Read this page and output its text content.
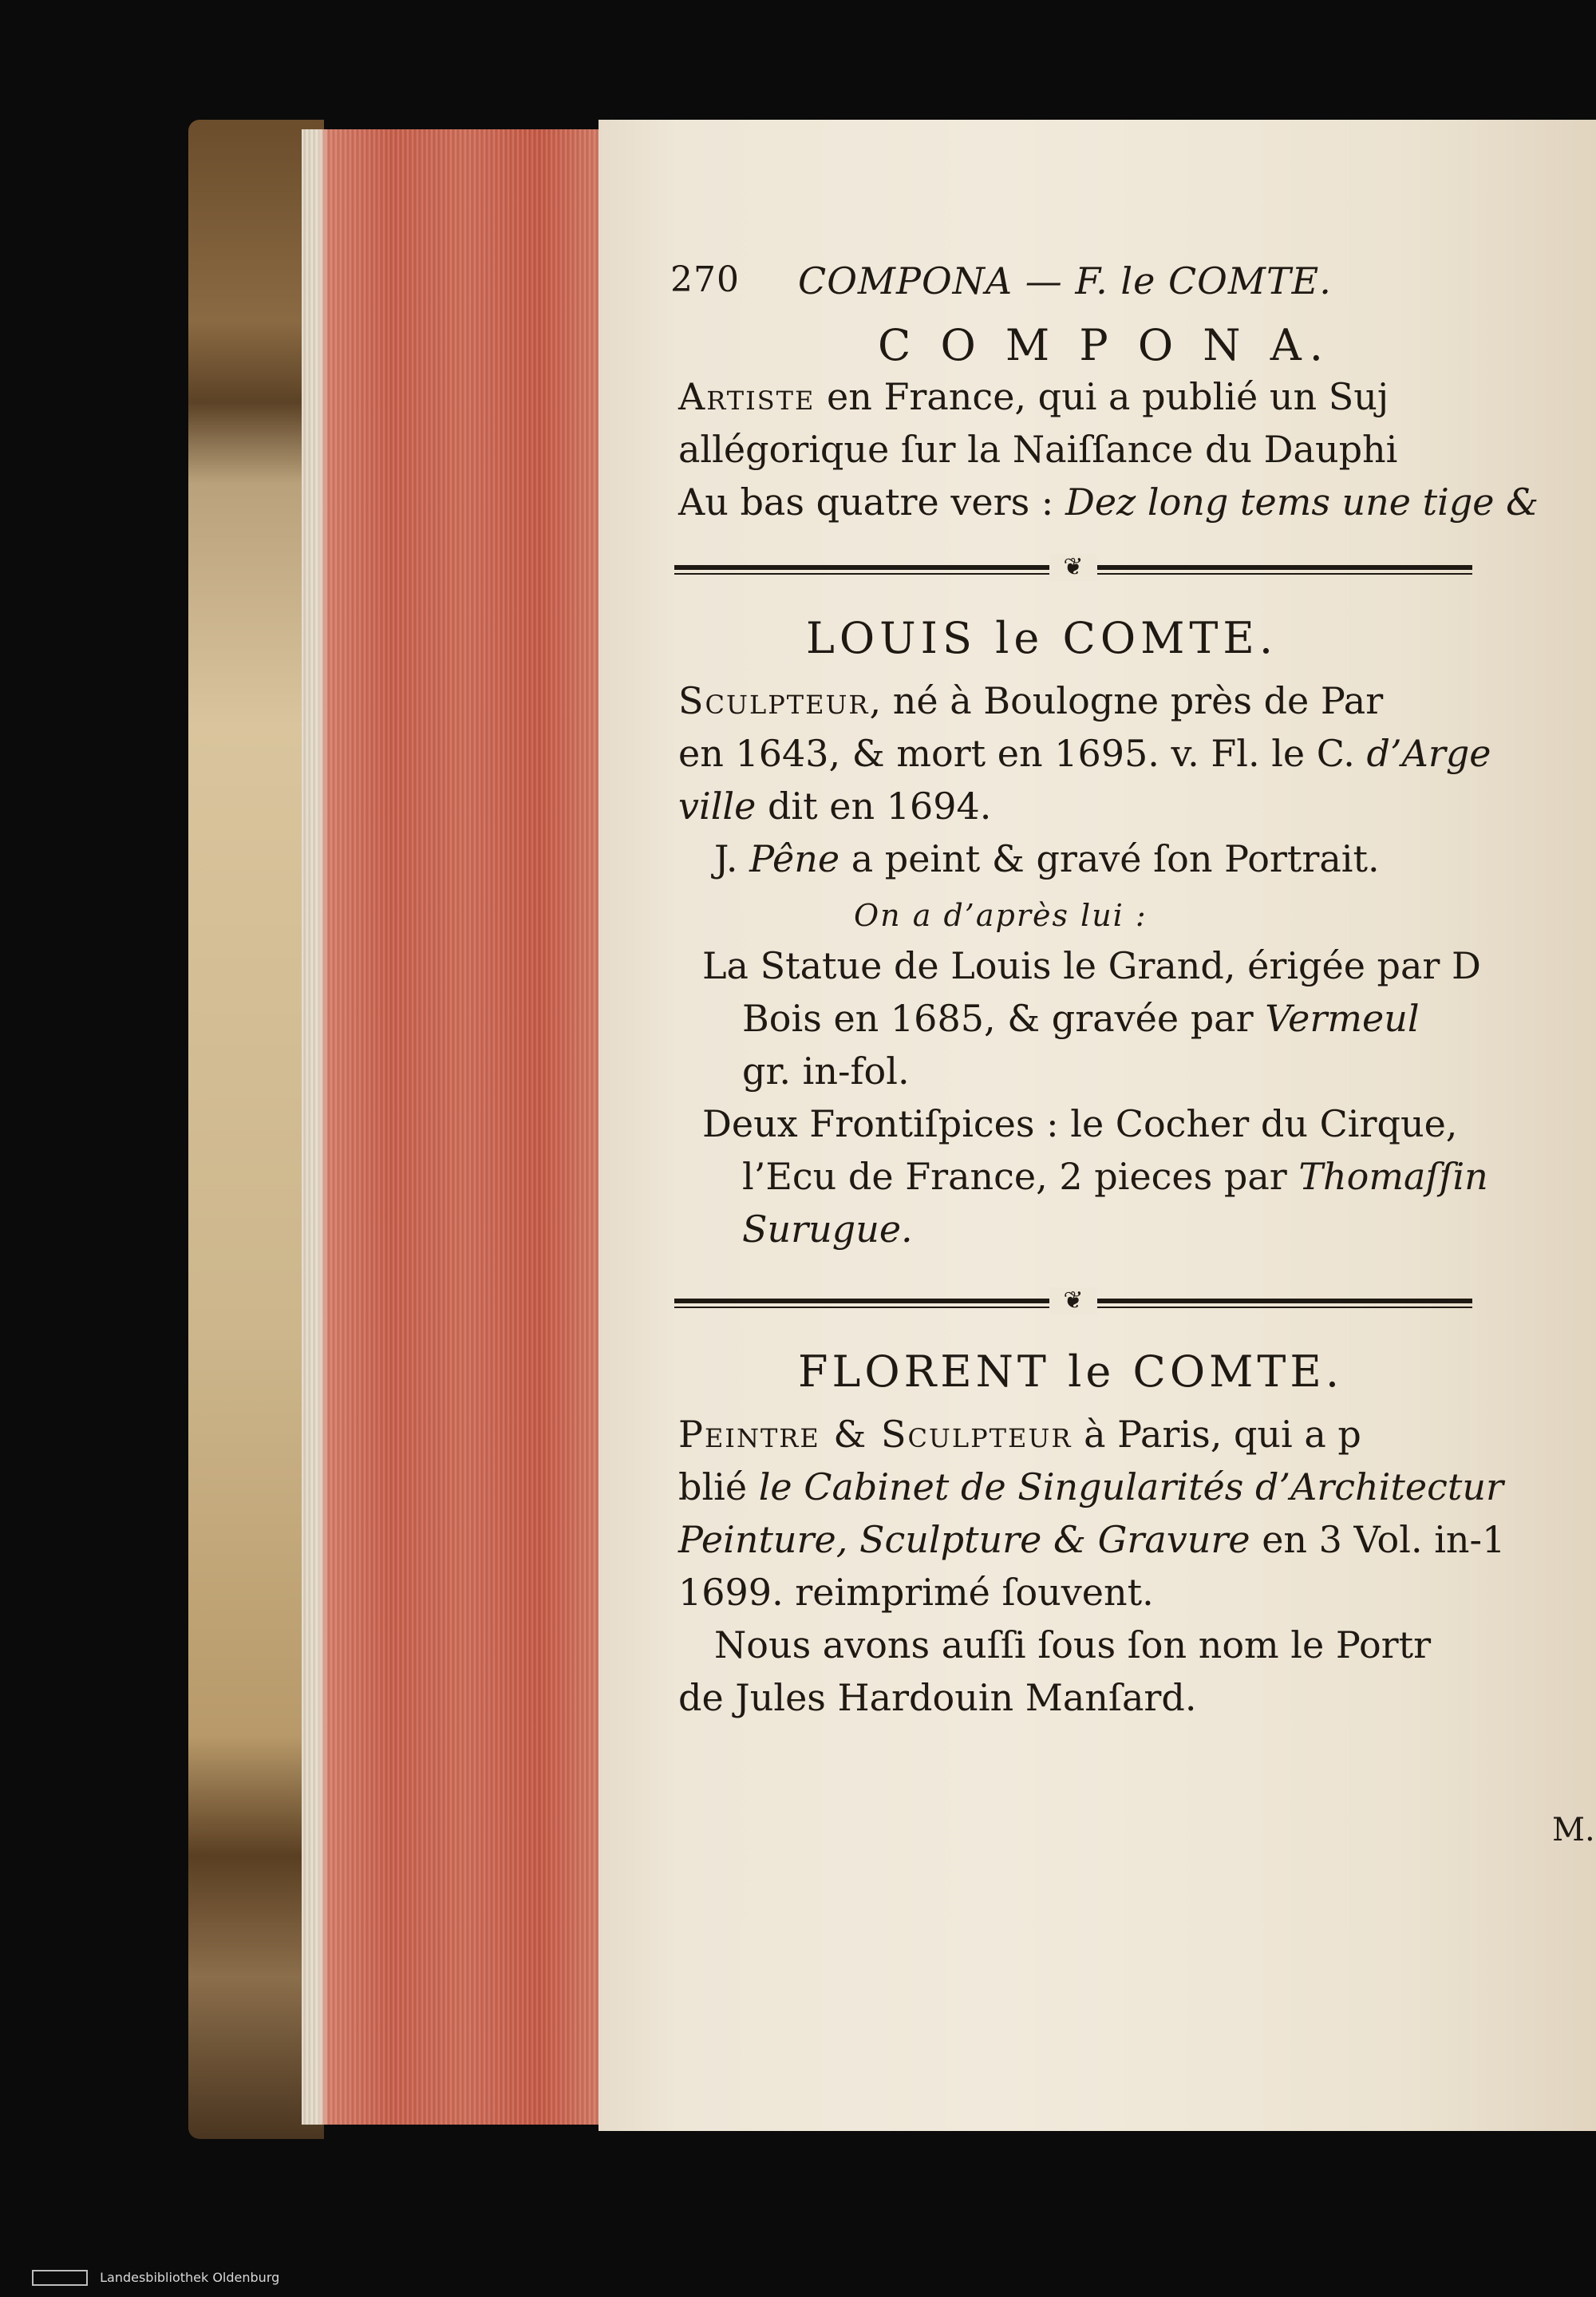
270 COMPONA — F. le COMTE.
C O M P O N A.
Artiste en France, qui a publié un Suj
allégorique ſur la Naiſſance du Dauphi
Au bas quatre vers : Dez long tems une tige &
❦
LOUIS le COMTE.
Sculpteur, né à Boulogne près de Par
en 1643, & mort en 1695. v. Fl. le C. d’Arge
ville dit en 1694.
J. Pêne a peint & gravé ſon Portrait.
On a d’après lui :
La Statue de Louis le Grand, érigée par D
Bois en 1685, & gravée par Vermeul
gr. in-fol.
Deux Frontiſpices : le Cocher du Cirque,
l’Ecu de France, 2 pieces par Thomaſſin
Surugue.
❦
FLORENT le COMTE.
Peintre & Sculpteur à Paris, qui a p
blié le Cabinet de Singularités d’Architectur
Peinture, Sculpture & Gravure en 3 Vol. in-1
1699. reimprimé ſouvent.
Nous avons auſſi ſous ſon nom le Portr
de Jules Hardouin Manſard.
M.
Landesbibliothek Oldenburg
